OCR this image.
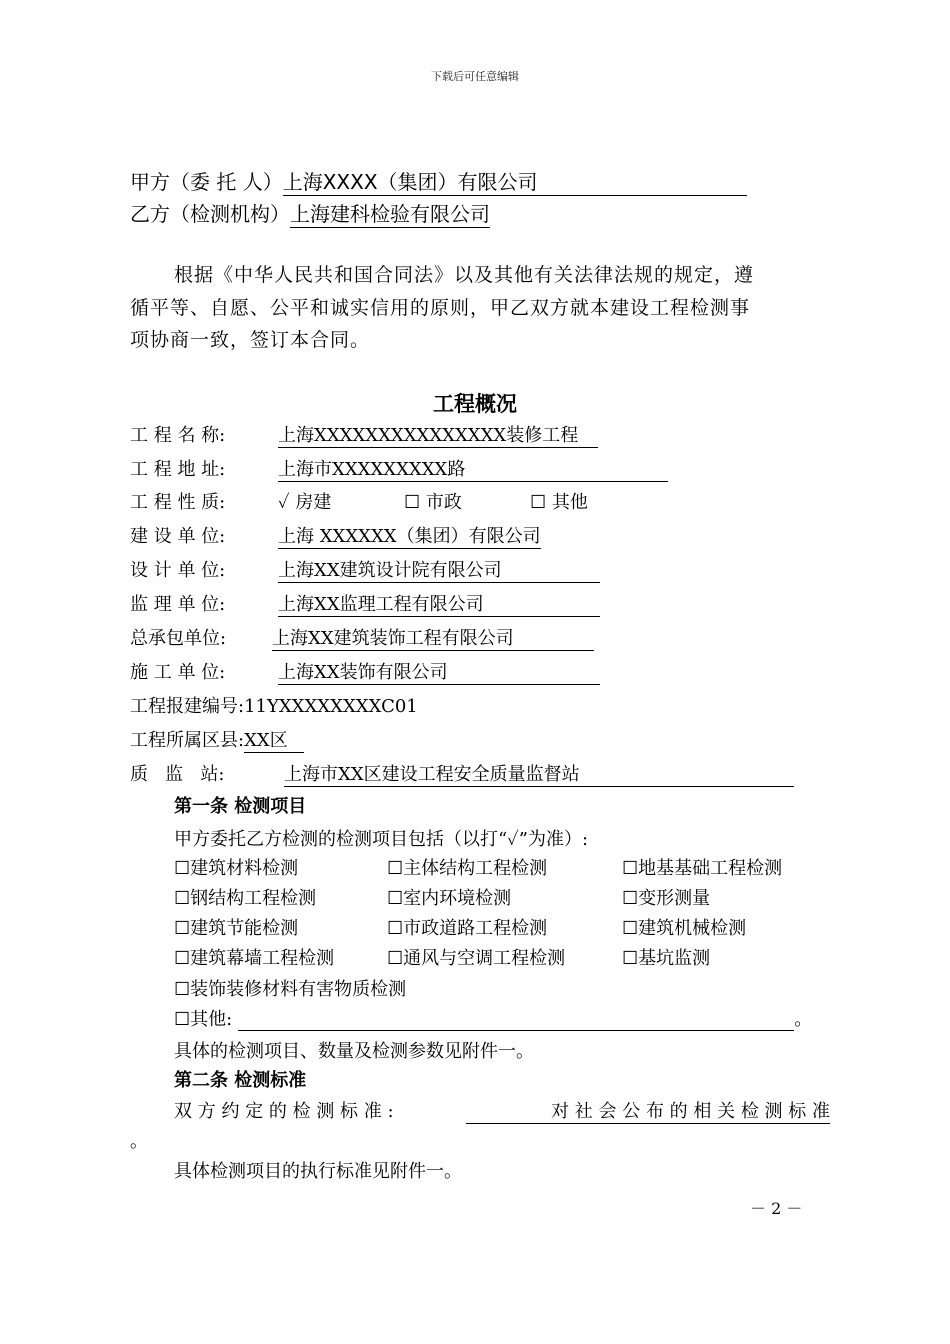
下载后可任意编辑
甲方（委 托 人）上海XXXX（集团）有限公司
乙方（检测机构）上海建科检验有限公司
根据《中华人民共和国合同法》以及其他有关法律法规的规定，遵
循平等、自愿、公平和诚实信用的原则，甲乙双方就本建设工程检测事
项协商一致，签订本合同。
工程概况
工 程 名 称:	上海XXXXXXXXXXXXXXX装修工程
工 程 地 址:	上海市XXXXXXXXX路
工 程 性 质:	✓ 房建	☐ 市政	☐ 其他
建 设 单 位:	上海 XXXXXX（集团）有限公司
设 计 单 位:	上海XX建筑设计院有限公司
监 理 单 位:	上海XX监理工程有限公司
总承包单位:	上海XX建筑装饰工程有限公司
施 工 单 位:	上海XX装饰有限公司
工程报建编号:11YXXXXXXXXC01
工程所属区县:XX区
质   监   站:	上海市XX区建设工程安全质量监督站
第一条 检测项目
甲方委托乙方检测的检测项目包括（以打“✓”为准）:
☐建筑材料检测	☐主体结构工程检测	☐地基基础工程检测
☐钢结构工程检测	☐室内环境检测	☐变形测量
☐建筑节能检测	☐市政道路工程检测	☐建筑机械检测
☐建筑幕墙工程检测	☐通风与空调工程检测	☐基坑监测
☐装饰装修材料有害物质检测
☐其他:	。
具体的检测项目、数量及检测参数见附件一。
第二条 检测标准
双 方 约 定 的 检 测 标 准 :	对 社 会 公 布 的 相 关 检 测 标 准
。
具体检测项目的执行标准见附件一。
－ 2 －
